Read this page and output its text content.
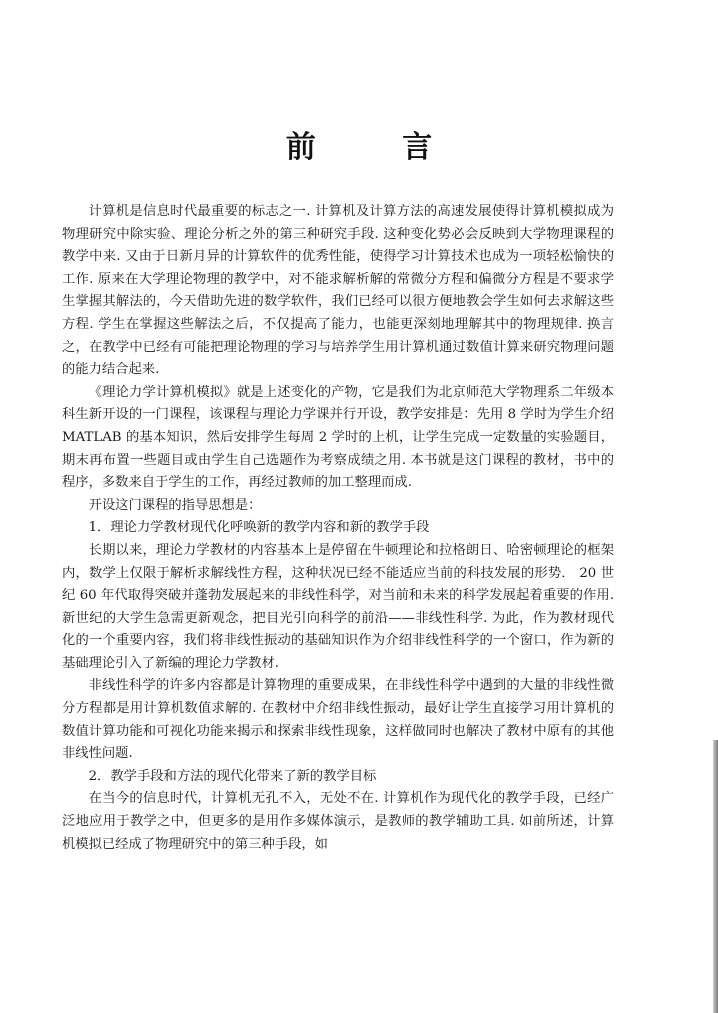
前 言

计算机是信息时代最重要的标志之一. 计算机及计算方法的高速发展使得计算机模拟成为物理研究中除实验、理论分析之外的第三种研究手段. 这种变化势必会反映到大学物理课程的教学中来. 又由于日新月异的计算软件的优秀性能，使得学习计算技术也成为一项轻松愉快的工作. 原来在大学理论物理的教学中，对不能求解析解的常微分方程和偏微分方程是不要求学生掌握其解法的，今天借助先进的数学软件，我们已经可以很方便地教会学生如何去求解这些方程. 学生在掌握这些解法之后，不仅提高了能力，也能更深刻地理解其中的物理规律. 换言之，在教学中已经有可能把理论物理的学习与培养学生用计算机通过数值计算来研究物理问题的能力结合起来.

《理论力学计算机模拟》就是上述变化的产物，它是我们为北京师范大学物理系二年级本科生新开设的一门课程，该课程与理论力学课并行开设，教学安排是：先用 8 学时为学生介绍 MATLAB 的基本知识，然后安排学生每周 2 学时的上机，让学生完成一定数量的实验题目，期末再布置一些题目或由学生自己选题作为考察成绩之用. 本书就是这门课程的教材，书中的程序，多数来自于学生的工作，再经过教师的加工整理而成.

开设这门课程的指导思想是：

1．理论力学教材现代化呼唤新的教学内容和新的教学手段

长期以来，理论力学教材的内容基本上是停留在牛顿理论和拉格朗日、哈密顿理论的框架内，数学上仅限于解析求解线性方程，这种状况已经不能适应当前的科技发展的形势． 20 世纪 60 年代取得突破并蓬勃发展起来的非线性科学，对当前和未来的科学发展起着重要的作用. 新世纪的大学生急需更新观念，把目光引向科学的前沿——非线性科学. 为此，作为教材现代化的一个重要内容，我们将非线性振动的基础知识作为介绍非线性科学的一个窗口，作为新的基础理论引入了新编的理论力学教材.

非线性科学的许多内容都是计算物理的重要成果，在非线性科学中遇到的大量的非线性微分方程都是用计算机数值求解的. 在教材中介绍非线性振动，最好让学生直接学习用计算机的数值计算功能和可视化功能来揭示和探索非线性现象，这样做同时也解决了教材中原有的其他非线性问题.

2．教学手段和方法的现代化带来了新的教学目标

在当今的信息时代，计算机无孔不入，无处不在. 计算机作为现代化的教学手段，已经广泛地应用于教学之中，但更多的是用作多媒体演示，是教师的教学辅助工具. 如前所述，计算机模拟已经成了物理研究中的第三种手段，如
